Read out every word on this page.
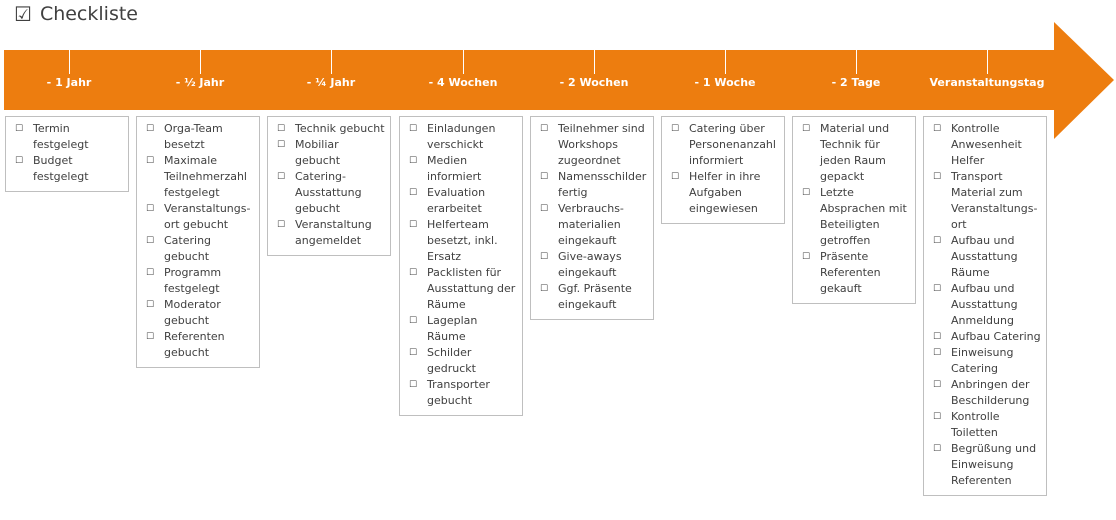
☑ Checkliste
- 1 Jahr
☐ Termin festgelegt
☐ Budget festgelegt
- ½ Jahr
☐ Orga-Team besetzt
☐ Maximale Teilnehmerzahl festgelegt
☐ Veranstaltungs-ort gebucht
☐ Catering gebucht
☐ Programm festgelegt
☐ Moderator gebucht
☐ Referenten gebucht
- ¼ Jahr
☐ Technik gebucht
☐ Mobiliar gebucht
☐ Catering-Ausstattung gebucht
☐ Veranstaltung angemeldet
- 4 Wochen
☐ Einladungen verschickt
☐ Medien informiert
☐ Evaluation erarbeitet
☐ Helferteam besetzt, inkl. Ersatz
☐ Packlisten für Ausstattung der Räume
☐ Lageplan Räume
☐ Schilder gedruckt
☐ Transporter gebucht
- 2 Wochen
☐ Teilnehmer sind Workshops zugeordnet
☐ Namensschilder fertig
☐ Verbrauchs-materialien eingekauft
☐ Give-aways eingekauft
☐ Ggf. Präsente eingekauft
- 1 Woche
☐ Catering über Personenanzahl informiert
☐ Helfer in ihre Aufgaben eingewiesen
- 2 Tage
☐ Material und Technik für jeden Raum gepackt
☐ Letzte Absprachen mit Beteiligten getroffen
☐ Präsente Referenten gekauft
Veranstaltungstag
☐ Kontrolle Anwesenheit Helfer
☐ Transport Material zum Veranstaltungs-ort
☐ Aufbau und Ausstattung Räume
☐ Aufbau und Ausstattung Anmeldung
☐ Aufbau Catering
☐ Einweisung Catering
☐ Anbringen der Beschilderung
☐ Kontrolle Toiletten
☐ Begrüßung und Einweisung Referenten
